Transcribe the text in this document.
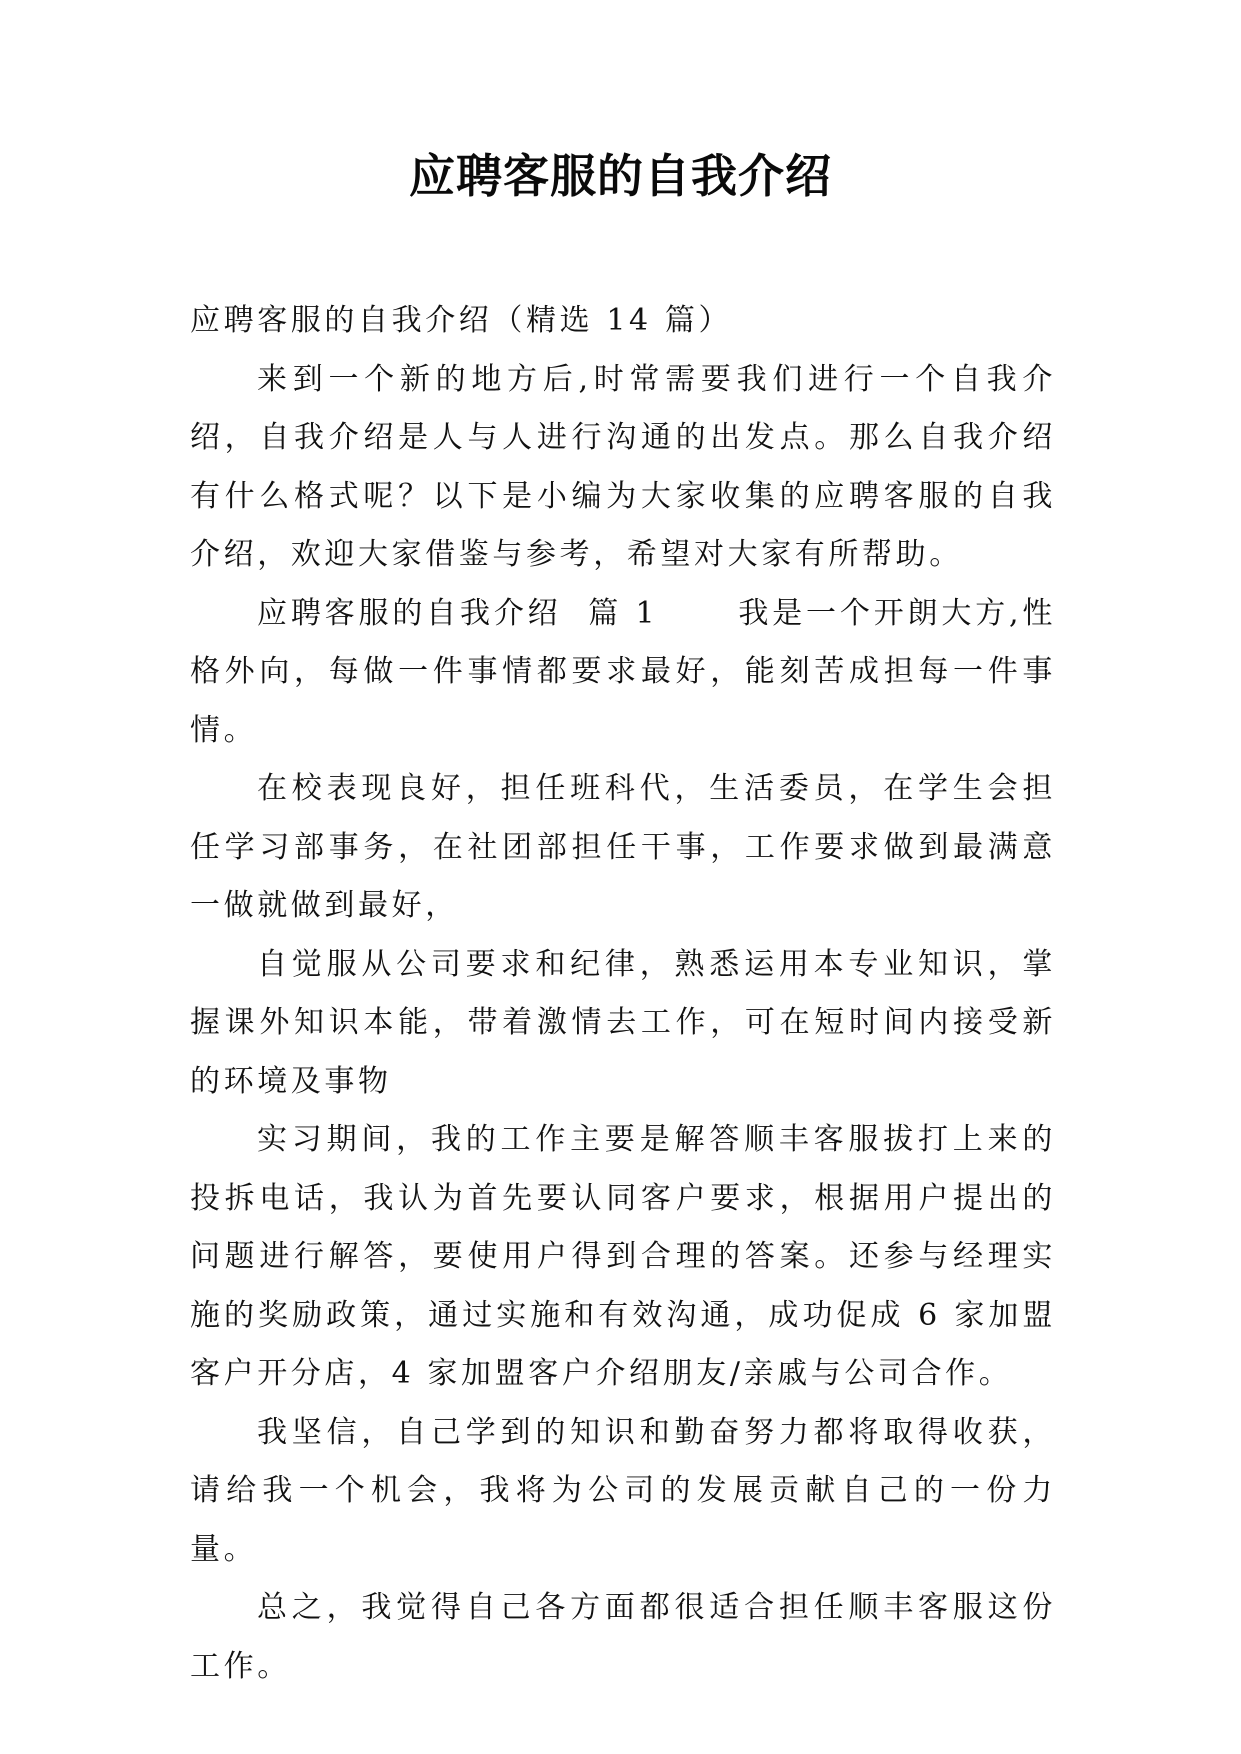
应聘客服的自我介绍

应聘客服的自我介绍（精选 14 篇）

来到一个新的地方后,时常需要我们进行一个自我介绍，自我介绍是人与人进行沟通的出发点。那么自我介绍有什么格式呢？以下是小编为大家收集的应聘客服的自我介绍，欢迎大家借鉴与参考，希望对大家有所帮助。

应聘客服的自我介绍  篇 1      我是一个开朗大方,性格外向，每做一件事情都要求最好，能刻苦成担每一件事情。

在校表现良好，担任班科代，生活委员，在学生会担任学习部事务，在社团部担任干事，工作要求做到最满意一做就做到最好，

自觉服从公司要求和纪律，熟悉运用本专业知识，掌握课外知识本能，带着激情去工作，可在短时间内接受新的环境及事物

实习期间，我的工作主要是解答顺丰客服拔打上来的投拆电话，我认为首先要认同客户要求，根据用户提出的问题进行解答，要使用户得到合理的答案。还参与经理实施的奖励政策，通过实施和有效沟通，成功促成 6 家加盟客户开分店，4 家加盟客户介绍朋友/亲戚与公司合作。

我坚信，自己学到的知识和勤奋努力都将取得收获，请给我一个机会，我将为公司的发展贡献自己的一份力量。

总之，我觉得自己各方面都很适合担任顺丰客服这份工作。
